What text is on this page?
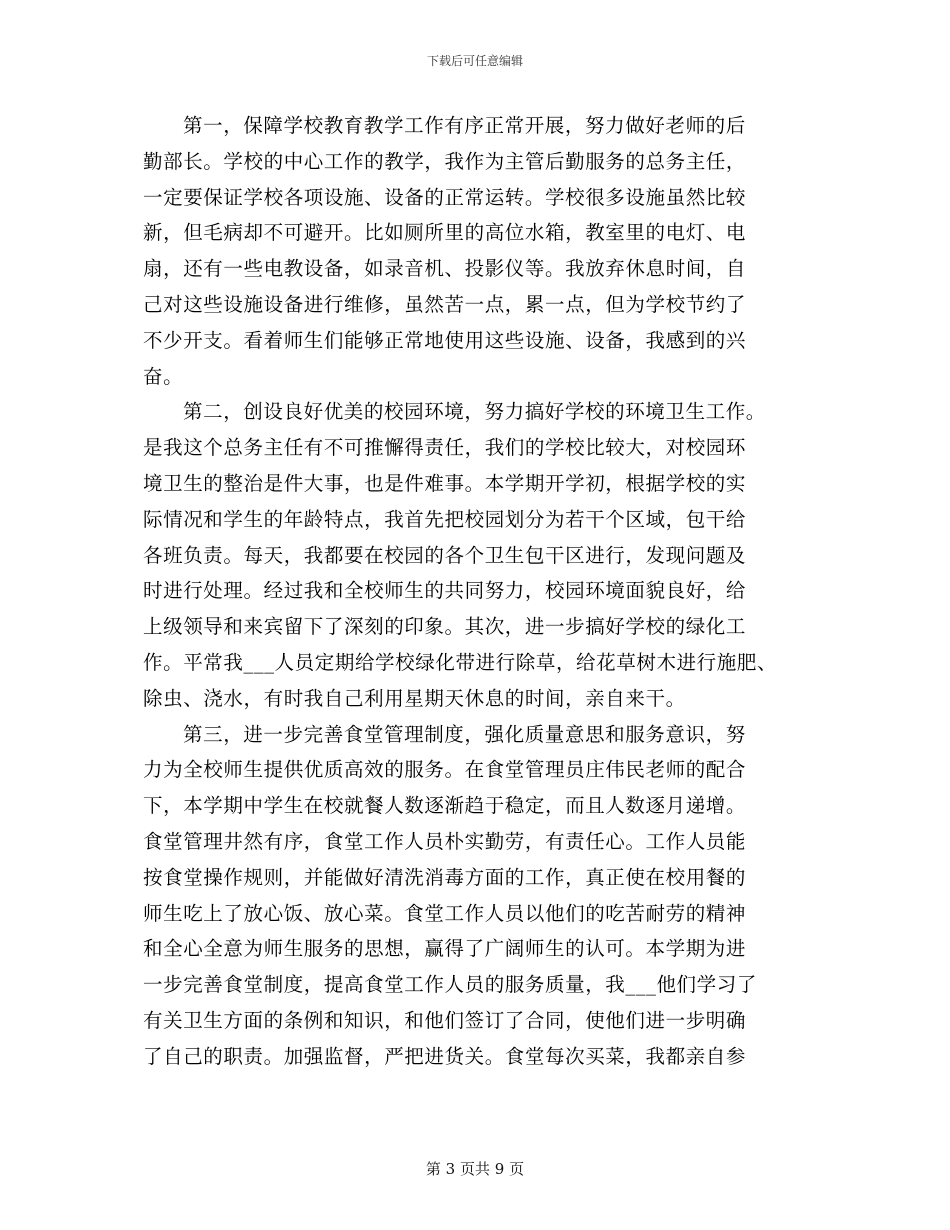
下载后可任意编辑
第一，保障学校教育教学工作有序正常开展，努力做好老师的后
勤部长。学校的中心工作的教学，我作为主管后勤服务的总务主任，
一定要保证学校各项设施、设备的正常运转。学校很多设施虽然比较
新，但毛病却不可避开。比如厕所里的高位水箱，教室里的电灯、电
扇，还有一些电教设备，如录音机、投影仪等。我放弃休息时间，自
己对这些设施设备进行维修，虽然苦一点，累一点，但为学校节约了
不少开支。看着师生们能够正常地使用这些设施、设备，我感到的兴
奋。
第二，创设良好优美的校园环境，努力搞好学校的环境卫生工作。
是我这个总务主任有不可推懈得责任，我们的学校比较大，对校园环
境卫生的整治是件大事，也是件难事。本学期开学初，根据学校的实
际情况和学生的年龄特点，我首先把校园划分为若干个区域，包干给
各班负责。每天，我都要在校园的各个卫生包干区进行，发现问题及
时进行处理。经过我和全校师生的共同努力，校园环境面貌良好，给
上级领导和来宾留下了深刻的印象。其次，进一步搞好学校的绿化工
作。平常我___人员定期给学校绿化带进行除草，给花草树木进行施肥、
除虫、浇水，有时我自己利用星期天休息的时间，亲自来干。
第三，进一步完善食堂管理制度，强化质量意思和服务意识，努
力为全校师生提供优质高效的服务。在食堂管理员庄伟民老师的配合
下，本学期中学生在校就餐人数逐渐趋于稳定，而且人数逐月递增。
食堂管理井然有序，食堂工作人员朴实勤劳，有责任心。工作人员能
按食堂操作规则，并能做好清洗消毒方面的工作，真正使在校用餐的
师生吃上了放心饭、放心菜。食堂工作人员以他们的吃苦耐劳的精神
和全心全意为师生服务的思想，赢得了广阔师生的认可。本学期为进
一步完善食堂制度，提高食堂工作人员的服务质量，我___他们学习了
有关卫生方面的条例和知识，和他们签订了合同，使他们进一步明确
了自己的职责。加强监督，严把进货关。食堂每次买菜，我都亲自参
第 3 页共 9 页
